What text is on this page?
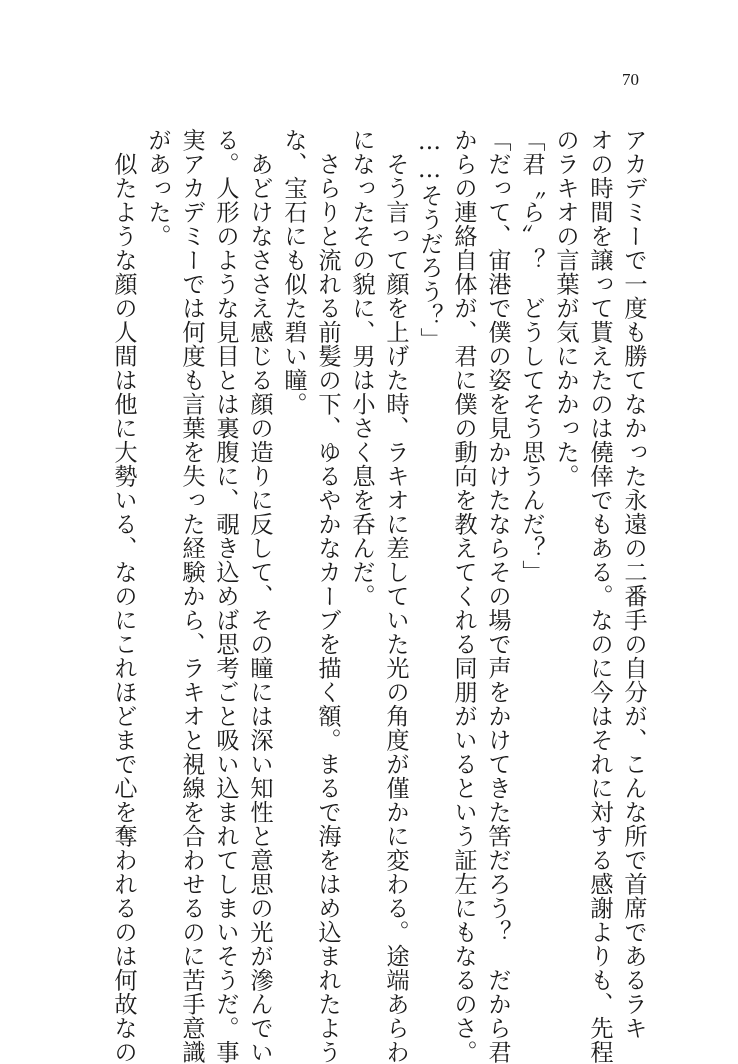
70
アカデミーで一度も勝てなかった永遠の二番手の自分が、こんな所で首席であるラキ
オの時間を譲って貰えたのは僥倖でもある。なのに今はそれに対する感謝よりも、先程
のラキオの言葉が気にかかった。
「君〝ら〟？　どうしてそう思うんだ？」
「だって、宙港で僕の姿を見かけたならその場で声をかけてきた筈だろう？　だから君
からの連絡自体が、君に僕の動向を教えてくれる同朋がいるという証左にもなるのさ。
……そうだろう？」
　そう言って顔を上げた時、ラキオに差していた光の角度が僅かに変わる。途端あらわ
になったその貌に、男は小さく息を呑んだ。
　さらりと流れる前髪の下、ゆるやかなカーブを描く額。まるで海をはめ込まれたよう
な、宝石にも似た碧い瞳。
　あどけなささえ感じる顔の造りに反して、その瞳には深い知性と意思の光が滲んでい
る。人形のような見目とは裏腹に、覗き込めば思考ごと吸い込まれてしまいそうだ。事
実アカデミーでは何度も言葉を失った経験から、ラキオと視線を合わせるのに苦手意識
があった。
　似たような顔の人間は他に大勢いる、なのにこれほどまで心を奪われるのは何故なの
